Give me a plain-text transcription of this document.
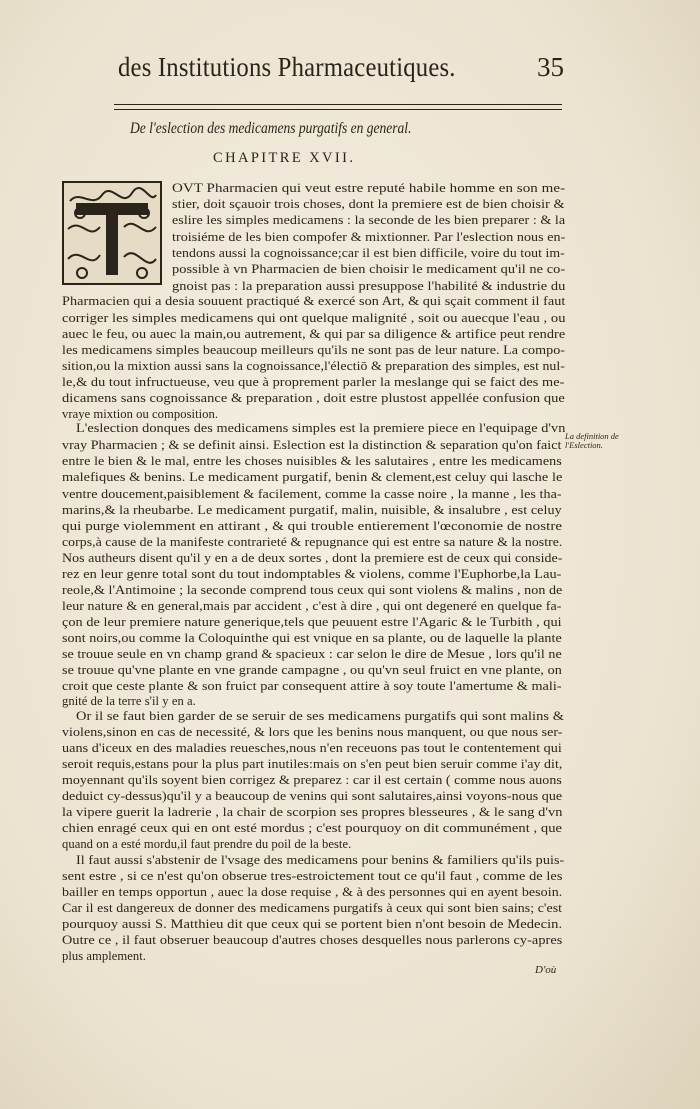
des Institutions Pharmaceutiques.	35
De l'eslection des medicamens purgatifs en general.
CHAPITRE XVII.
La definition de l'Eslection.
OVT Pharmacien qui veut estre reputé habile homme en son me-
stier, doit sçauoir trois choses, dont la premiere est de bien choisir &
eslire les simples medicamens : la seconde de les bien preparer : & la
troisiéme de les bien compofer & mixtionner. Par l'eslection nous en-
tendons aussi la cognoissance;car il est bien difficile, voire du tout im-
possible à vn Pharmacien de bien choisir le medicament qu'il ne co-
gnoist pas : la preparation aussi presuppose l'habilité & industrie du
Pharmacien qui a desia souuent practiqué & exercé son Art, & qui sçait comment il faut
corriger les simples medicamens qui ont quelque malignité , soit ou auecque l'eau , ou
auec le feu, ou auec la main,ou autrement, & qui par sa diligence & artifice peut rendre
les medicamens simples beaucoup meilleurs qu'ils ne sont pas de leur nature. La compo-
sition,ou la mixtion aussi sans la cognoissance,l'électiō & preparation des simples, est nul-
le,& du tout infructueuse, veu que à proprement parler la meslange qui se faict des me-
dicamens sans cognoissance & preparation , doit estre plustost appellée confusion que
vraye mixtion ou composition.
L'eslection donques des medicamens simples est la premiere piece en l'equipage d'vn
vray Pharmacien ; & se definit ainsi. Eslection est la distinction & separation qu'on faict
entre le bien & le mal, entre les choses nuisibles & les salutaires , entre les medicamens
malefiques & benins. Le medicament purgatif, benin & clement,est celuy qui lasche le
ventre doucement,paisiblement & facilement, comme la casse noire , la manne , les tha-
marins,& la rheubarbe. Le medicament purgatif, malin, nuisible, & insalubre , est celuy
qui purge violemment en attirant , & qui trouble entierement l'œconomie de nostre
corps,à cause de la manifeste contrarieté & repugnance qui est entre sa nature & la nostre.
Nos autheurs disent qu'il y en a de deux sortes , dont la premiere est de ceux qui conside-
rez en leur genre total sont du tout indomptables & violens, comme l'Euphorbe,la Lau-
reole,& l'Antimoine ; la seconde comprend tous ceux qui sont violens & malins , non de
leur nature & en general,mais par accident , c'est à dire , qui ont degeneré en quelque fa-
çon de leur premiere nature generique,tels que peuuent estre l'Agaric & le Turbith , qui
sont noirs,ou comme la Coloquinthe qui est vnique en sa plante, ou de laquelle la plante
se trouue seule en vn champ grand & spacieux : car selon le dire de Mesue , lors qu'il ne
se trouue qu'vne plante en vne grande campagne , ou qu'vn seul fruict en vne plante, on
croit que ceste plante & son fruict par consequent attire à soy toute l'amertume & mali-
gnité de la terre s'il y en a.
Or il se faut bien garder de se seruir de ses medicamens purgatifs qui sont malins &
violens,sinon en cas de necessité, & lors que les benins nous manquent, ou que nous ser-
uans d'iceux en des maladies reuesches,nous n'en receuons pas tout le contentement qui
seroit requis,estans pour la plus part inutiles:mais on s'en peut bien seruir comme i'ay dit,
moyennant qu'ils soyent bien corrigez & preparez : car il est certain ( comme nous auons
deduict cy-dessus)qu'il y a beaucoup de venins qui sont salutaires,ainsi voyons-nous que
la vipere guerit la ladrerie , la chair de scorpion ses propres blesseures , & le sang d'vn
chien enragé ceux qui en ont esté mordus ; c'est pourquoy on dit communément , que
quand on a esté mordu,il faut prendre du poil de la beste.
Il faut aussi s'abstenir de l'vsage des medicamens pour benins & familiers qu'ils puis-
sent estre , si ce n'est qu'on obserue tres-estroictement tout ce qu'il faut , comme de les
bailler en temps opportun , auec la dose requise , & à des personnes qui en ayent besoin.
Car il est dangereux de donner des medicamens purgatifs à ceux qui sont bien sains; c'est
pourquoy aussi S. Matthieu dit que ceux qui se portent bien n'ont besoin de Medecin.
Outre ce , il faut obseruer beaucoup d'autres choses desquelles nous parlerons cy-apres
plus amplement.
D'où
